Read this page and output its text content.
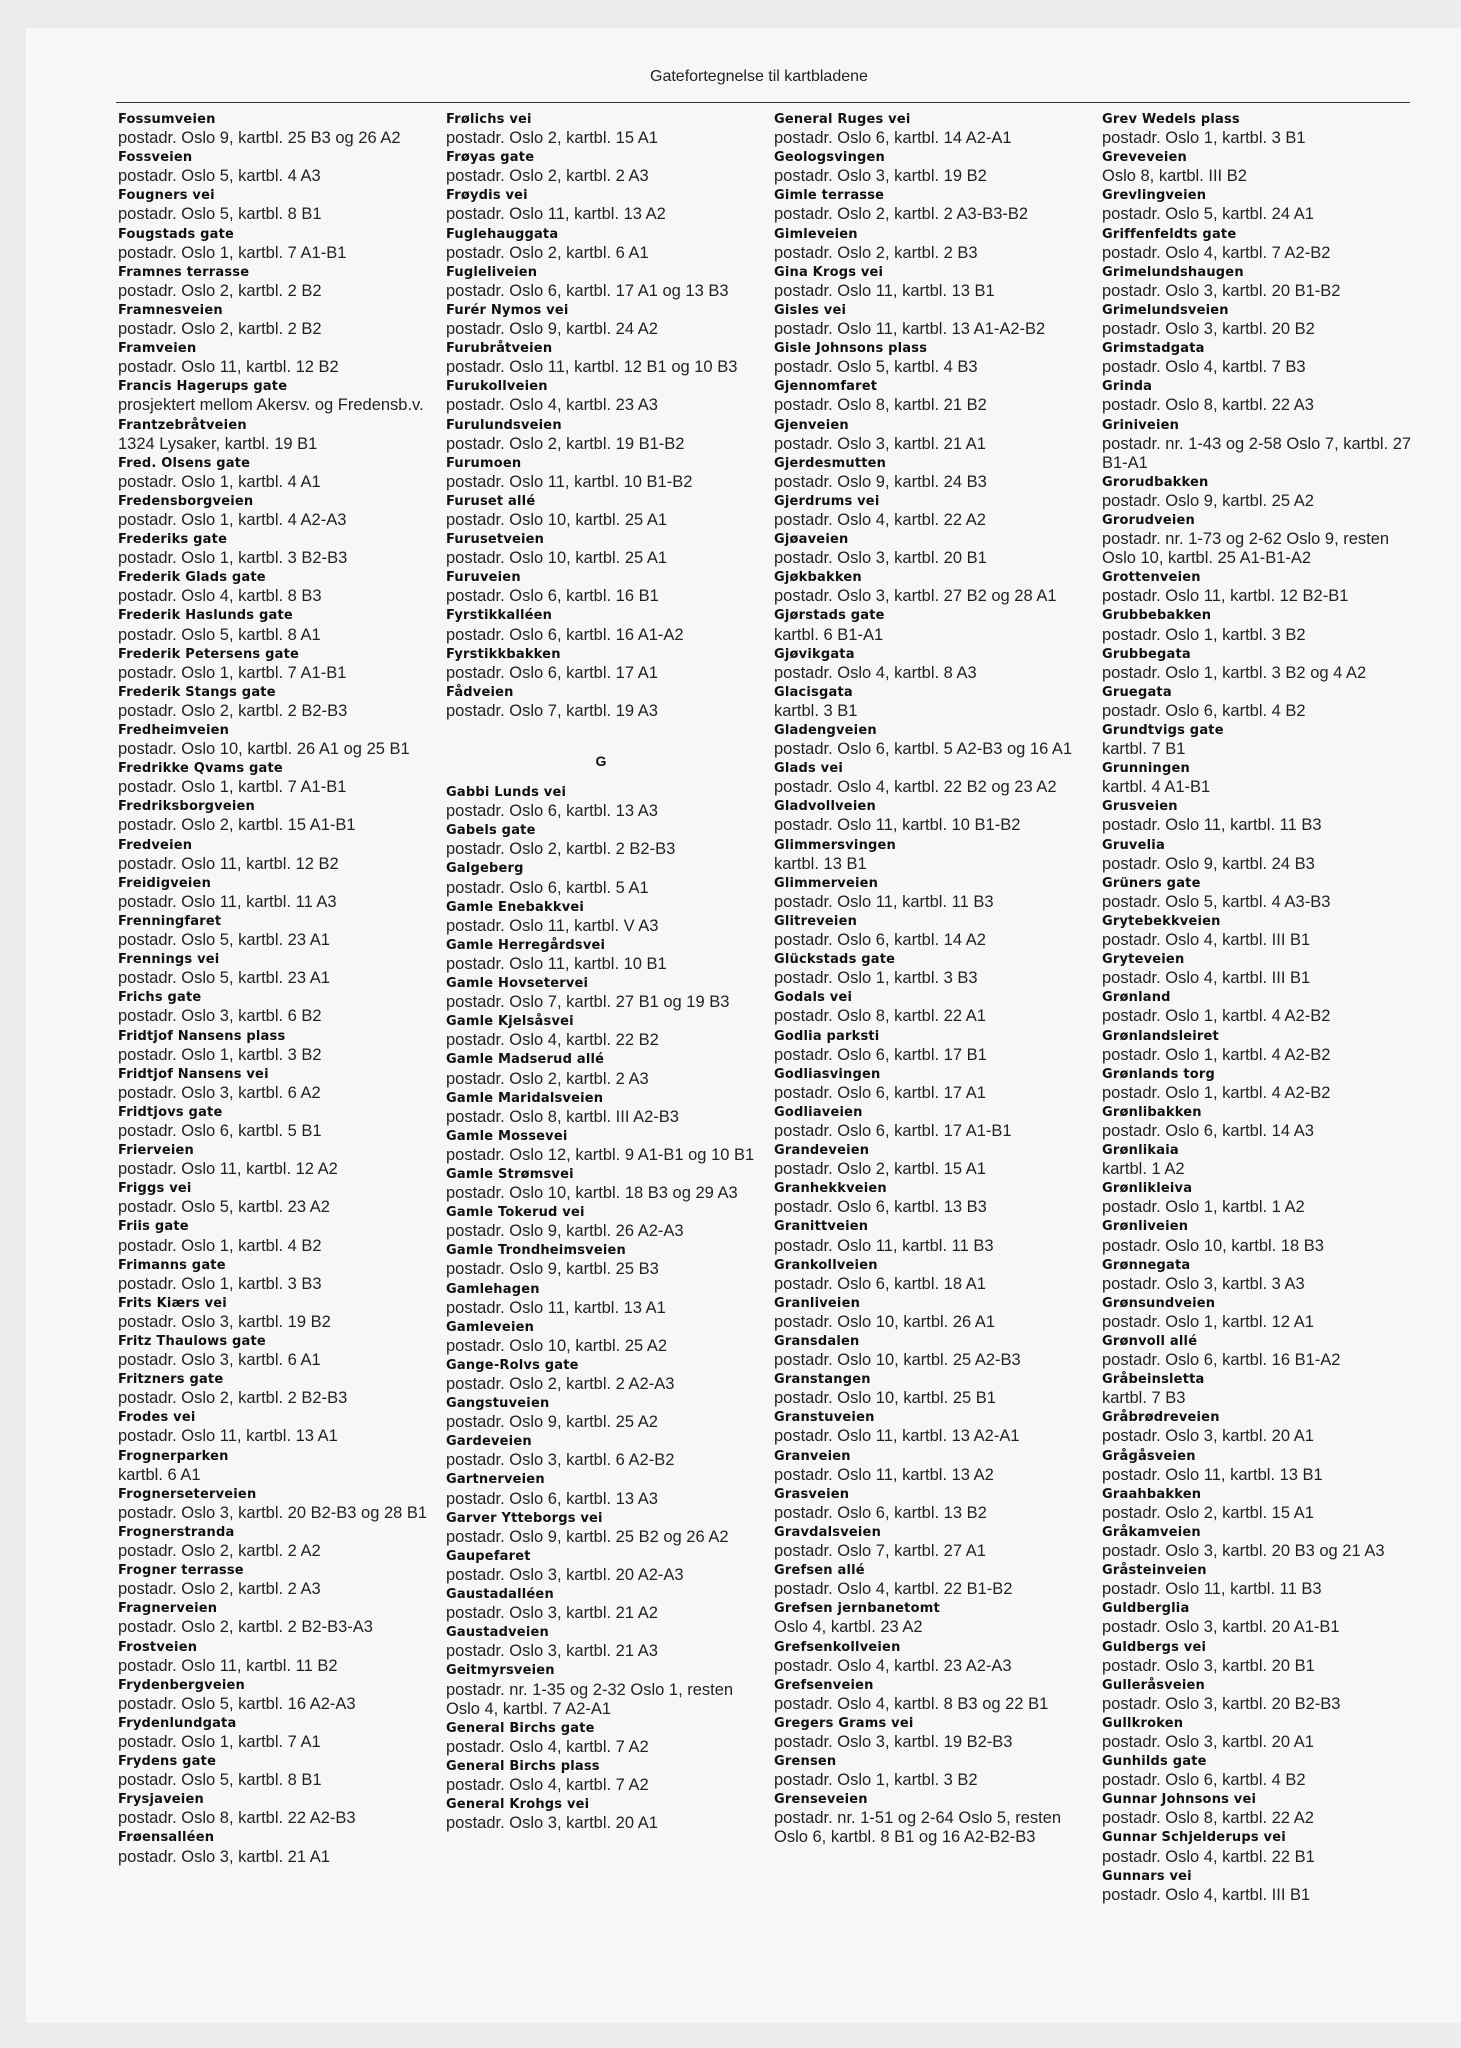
Gatefortegnelse til kartbladene
Fossumveien
postadr. Oslo 9, kartbl. 25 B3 og 26 A2
Fossveien
postadr. Oslo 5, kartbl. 4 A3
Fougners vei
postadr. Oslo 5, kartbl. 8 B1
Fougstads gate
postadr. Oslo 1, kartbl. 7 A1-B1
Framnes terrasse
postadr. Oslo 2, kartbl. 2 B2
Framnesveien
postadr. Oslo 2, kartbl. 2 B2
Framveien
postadr. Oslo 11, kartbl. 12 B2
Francis Hagerups gate
prosjektert mellom Akersv. og Fredensb.v.
Frantzebråtveien
1324 Lysaker, kartbl. 19 B1
Fred. Olsens gate
postadr. Oslo 1, kartbl. 4 A1
Fredensborgveien
postadr. Oslo 1, kartbl. 4 A2-A3
Frederiks gate
postadr. Oslo 1, kartbl. 3 B2-B3
Frederik Glads gate
postadr. Oslo 4, kartbl. 8 B3
Frederik Haslunds gate
postadr. Oslo 5, kartbl. 8 A1
Frederik Petersens gate
postadr. Oslo 1, kartbl. 7 A1-B1
Frederik Stangs gate
postadr. Oslo 2, kartbl. 2 B2-B3
Fredheimveien
postadr. Oslo 10, kartbl. 26 A1 og 25 B1
Fredrikke Qvams gate
postadr. Oslo 1, kartbl. 7 A1-B1
Fredriksborgveien
postadr. Oslo 2, kartbl. 15 A1-B1
Fredveien
postadr. Oslo 11, kartbl. 12 B2
Freidigveien
postadr. Oslo 11, kartbl. 11 A3
Frenningfaret
postadr. Oslo 5, kartbl. 23 A1
Frennings vei
postadr. Oslo 5, kartbl. 23 A1
Frichs gate
postadr. Oslo 3, kartbl. 6 B2
Fridtjof Nansens plass
postadr. Oslo 1, kartbl. 3 B2
Fridtjof Nansens vei
postadr. Oslo 3, kartbl. 6 A2
Fridtjovs gate
postadr. Oslo 6, kartbl. 5 B1
Frierveien
postadr. Oslo 11, kartbl. 12 A2
Friggs vei
postadr. Oslo 5, kartbl. 23 A2
Friis gate
postadr. Oslo 1, kartbl. 4 B2
Frimanns gate
postadr. Oslo 1, kartbl. 3 B3
Frits Kiærs vei
postadr. Oslo 3, kartbl. 19 B2
Fritz Thaulows gate
postadr. Oslo 3, kartbl. 6 A1
Fritzners gate
postadr. Oslo 2, kartbl. 2 B2-B3
Frodes vei
postadr. Oslo 11, kartbl. 13 A1
Frognerparken
kartbl. 6 A1
Frognerseterveien
postadr. Oslo 3, kartbl. 20 B2-B3 og 28 B1
Frognerstranda
postadr. Oslo 2, kartbl. 2 A2
Frogner terrasse
postadr. Oslo 2, kartbl. 2 A3
Fragnerveien
postadr. Oslo 2, kartbl. 2 B2-B3-A3
Frostveien
postadr. Oslo 11, kartbl. 11 B2
Frydenbergveien
postadr. Oslo 5, kartbl. 16 A2-A3
Frydenlundgata
postadr. Oslo 1, kartbl. 7 A1
Frydens gate
postadr. Oslo 5, kartbl. 8 B1
Frysjaveien
postadr. Oslo 8, kartbl. 22 A2-B3
Frøensalléen
postadr. Oslo 3, kartbl. 21 A1
Frølichs vei
postadr. Oslo 2, kartbl. 15 A1
Frøyas gate
postadr. Oslo 2, kartbl. 2 A3
Frøydis vei
postadr. Oslo 11, kartbl. 13 A2
Fuglehauggata
postadr. Oslo 2, kartbl. 6 A1
Fugleliveien
postadr. Oslo 6, kartbl. 17 A1 og 13 B3
Furér Nymos vei
postadr. Oslo 9, kartbl. 24 A2
Furubråtveien
postadr. Oslo 11, kartbl. 12 B1 og 10 B3
Furukollveien
postadr. Oslo 4, kartbl. 23 A3
Furulundsveien
postadr. Oslo 2, kartbl. 19 B1-B2
Furumoen
postadr. Oslo 11, kartbl. 10 B1-B2
Furuset allé
postadr. Oslo 10, kartbl. 25 A1
Furusetveien
postadr. Oslo 10, kartbl. 25 A1
Furuveien
postadr. Oslo 6, kartbl. 16 B1
Fyrstikkalléen
postadr. Oslo 6, kartbl. 16 A1-A2
Fyrstikkbakken
postadr. Oslo 6, kartbl. 17 A1
Fådveien
postadr. Oslo 7, kartbl. 19 A3
G
Gabbi Lunds vei
postadr. Oslo 6, kartbl. 13 A3
Gabels gate
postadr. Oslo 2, kartbl. 2 B2-B3
Galgeberg
postadr. Oslo 6, kartbl. 5 A1
Gamle Enebakkvei
postadr. Oslo 11, kartbl. V A3
Gamle Herregårdsvei
postadr. Oslo 11, kartbl. 10 B1
Gamle Hovsetervei
postadr. Oslo 7, kartbl. 27 B1 og 19 B3
Gamle Kjelsåsvei
postadr. Oslo 4, kartbl. 22 B2
Gamle Madserud allé
postadr. Oslo 2, kartbl. 2 A3
Gamle Maridalsveien
postadr. Oslo 8, kartbl. III A2-B3
Gamle Mossevei
postadr. Oslo 12, kartbl. 9 A1-B1 og 10 B1
Gamle Strømsvei
postadr. Oslo 10, kartbl. 18 B3 og 29 A3
Gamle Tokerud vei
postadr. Oslo 9, kartbl. 26 A2-A3
Gamle Trondheimsveien
postadr. Oslo 9, kartbl. 25 B3
Gamlehagen
postadr. Oslo 11, kartbl. 13 A1
Gamleveien
postadr. Oslo 10, kartbl. 25 A2
Gange-Rolvs gate
postadr. Oslo 2, kartbl. 2 A2-A3
Gangstuveien
postadr. Oslo 9, kartbl. 25 A2
Gardeveien
postadr. Oslo 3, kartbl. 6 A2-B2
Gartnerveien
postadr. Oslo 6, kartbl. 13 A3
Garver Ytteborgs vei
postadr. Oslo 9, kartbl. 25 B2 og 26 A2
Gaupefaret
postadr. Oslo 3, kartbl. 20 A2-A3
Gaustadalléen
postadr. Oslo 3, kartbl. 21 A2
Gaustadveien
postadr. Oslo 3, kartbl. 21 A3
Geitmyrsveien
postadr. nr. 1-35 og 2-32 Oslo 1, resten Oslo 4, kartbl. 7 A2-A1
General Birchs gate
postadr. Oslo 4, kartbl. 7 A2
General Birchs plass
postadr. Oslo 4, kartbl. 7 A2
General Krohgs vei
postadr. Oslo 3, kartbl. 20 A1
General Ruges vei
postadr. Oslo 6, kartbl. 14 A2-A1
Geologsvingen
postadr. Oslo 3, kartbl. 19 B2
Gimle terrasse
postadr. Oslo 2, kartbl. 2 A3-B3-B2
Gimleveien
postadr. Oslo 2, kartbl. 2 B3
Gina Krogs vei
postadr. Oslo 11, kartbl. 13 B1
Gisles vei
postadr. Oslo 11, kartbl. 13 A1-A2-B2
Gisle Johnsons plass
postadr. Oslo 5, kartbl. 4 B3
Gjennomfaret
postadr. Oslo 8, kartbl. 21 B2
Gjenveien
postadr. Oslo 3, kartbl. 21 A1
Gjerdesmutten
postadr. Oslo 9, kartbl. 24 B3
Gjerdrums vei
postadr. Oslo 4, kartbl. 22 A2
Gjøaveien
postadr. Oslo 3, kartbl. 20 B1
Gjøkbakken
postadr. Oslo 3, kartbl. 27 B2 og 28 A1
Gjørstads gate
kartbl. 6 B1-A1
Gjøvikgata
postadr. Oslo 4, kartbl. 8 A3
Glacisgata
kartbl. 3 B1
Gladengveien
postadr. Oslo 6, kartbl. 5 A2-B3 og 16 A1
Glads vei
postadr. Oslo 4, kartbl. 22 B2 og 23 A2
Gladvollveien
postadr. Oslo 11, kartbl. 10 B1-B2
Glimmersvingen
kartbl. 13 B1
Glimmerveien
postadr. Oslo 11, kartbl. 11 B3
Glitreveien
postadr. Oslo 6, kartbl. 14 A2
Glückstads gate
postadr. Oslo 1, kartbl. 3 B3
Godals vei
postadr. Oslo 8, kartbl. 22 A1
Godlia parksti
postadr. Oslo 6, kartbl. 17 B1
Godliasvingen
postadr. Oslo 6, kartbl. 17 A1
Godliaveien
postadr. Oslo 6, kartbl. 17 A1-B1
Grandeveien
postadr. Oslo 2, kartbl. 15 A1
Granhekkveien
postadr. Oslo 6, kartbl. 13 B3
Granittveien
postadr. Oslo 11, kartbl. 11 B3
Grankollveien
postadr. Oslo 6, kartbl. 18 A1
Granliveien
postadr. Oslo 10, kartbl. 26 A1
Gransdalen
postadr. Oslo 10, kartbl. 25 A2-B3
Granstangen
postadr. Oslo 10, kartbl. 25 B1
Granstuveien
postadr. Oslo 11, kartbl. 13 A2-A1
Granveien
postadr. Oslo 11, kartbl. 13 A2
Grasveien
postadr. Oslo 6, kartbl. 13 B2
Gravdalsveien
postadr. Oslo 7, kartbl. 27 A1
Grefsen allé
postadr. Oslo 4, kartbl. 22 B1-B2
Grefsen jernbanetomt
Oslo 4, kartbl. 23 A2
Grefsenkollveien
postadr. Oslo 4, kartbl. 23 A2-A3
Grefsenveien
postadr. Oslo 4, kartbl. 8 B3 og 22 B1
Gregers Grams vei
postadr. Oslo 3, kartbl. 19 B2-B3
Grensen
postadr. Oslo 1, kartbl. 3 B2
Grenseveien
postadr. nr. 1-51 og 2-64 Oslo 5, resten Oslo 6, kartbl. 8 B1 og 16 A2-B2-B3
Grev Wedels plass
postadr. Oslo 1, kartbl. 3 B1
Greveveien
Oslo 8, kartbl. III B2
Grevlingveien
postadr. Oslo 5, kartbl. 24 A1
Griffenfeldts gate
postadr. Oslo 4, kartbl. 7 A2-B2
Grimelundshaugen
postadr. Oslo 3, kartbl. 20 B1-B2
Grimelundsveien
postadr. Oslo 3, kartbl. 20 B2
Grimstadgata
postadr. Oslo 4, kartbl. 7 B3
Grinda
postadr. Oslo 8, kartbl. 22 A3
Griniveien
postadr. nr. 1-43 og 2-58 Oslo 7, kartbl. 27 B1-A1
Grorudbakken
postadr. Oslo 9, kartbl. 25 A2
Grorudveien
postadr. nr. 1-73 og 2-62 Oslo 9, resten Oslo 10, kartbl. 25 A1-B1-A2
Grottenveien
postadr. Oslo 11, kartbl. 12 B2-B1
Grubbebakken
postadr. Oslo 1, kartbl. 3 B2
Grubbegata
postadr. Oslo 1, kartbl. 3 B2 og 4 A2
Gruegata
postadr. Oslo 6, kartbl. 4 B2
Grundtvigs gate
kartbl. 7 B1
Grunningen
kartbl. 4 A1-B1
Grusveien
postadr. Oslo 11, kartbl. 11 B3
Gruvelia
postadr. Oslo 9, kartbl. 24 B3
Grüners gate
postadr. Oslo 5, kartbl. 4 A3-B3
Grytebekkveien
postadr. Oslo 4, kartbl. III B1
Gryteveien
postadr. Oslo 4, kartbl. III B1
Grønland
postadr. Oslo 1, kartbl. 4 A2-B2
Grønlandsleiret
postadr. Oslo 1, kartbl. 4 A2-B2
Grønlands torg
postadr. Oslo 1, kartbl. 4 A2-B2
Grønlibakken
postadr. Oslo 6, kartbl. 14 A3
Grønlikaia
kartbl. 1 A2
Grønlikleiva
postadr. Oslo 1, kartbl. 1 A2
Grønliveien
postadr. Oslo 10, kartbl. 18 B3
Grønnegata
postadr. Oslo 3, kartbl. 3 A3
Grønsundveien
postadr. Oslo 1, kartbl. 12 A1
Grønvoll allé
postadr. Oslo 6, kartbl. 16 B1-A2
Gråbeinsletta
kartbl. 7 B3
Gråbrødreveien
postadr. Oslo 3, kartbl. 20 A1
Grågåsveien
postadr. Oslo 11, kartbl. 13 B1
Graahbakken
postadr. Oslo 2, kartbl. 15 A1
Gråkamveien
postadr. Oslo 3, kartbl. 20 B3 og 21 A3
Gråsteinveien
postadr. Oslo 11, kartbl. 11 B3
Guldberglia
postadr. Oslo 3, kartbl. 20 A1-B1
Guldbergs vei
postadr. Oslo 3, kartbl. 20 B1
Gulleråsveien
postadr. Oslo 3, kartbl. 20 B2-B3
Gullkroken
postadr. Oslo 3, kartbl. 20 A1
Gunhilds gate
postadr. Oslo 6, kartbl. 4 B2
Gunnar Johnsons vei
postadr. Oslo 8, kartbl. 22 A2
Gunnar Schjelderups vei
postadr. Oslo 4, kartbl. 22 B1
Gunnars vei
postadr. Oslo 4, kartbl. III B1
